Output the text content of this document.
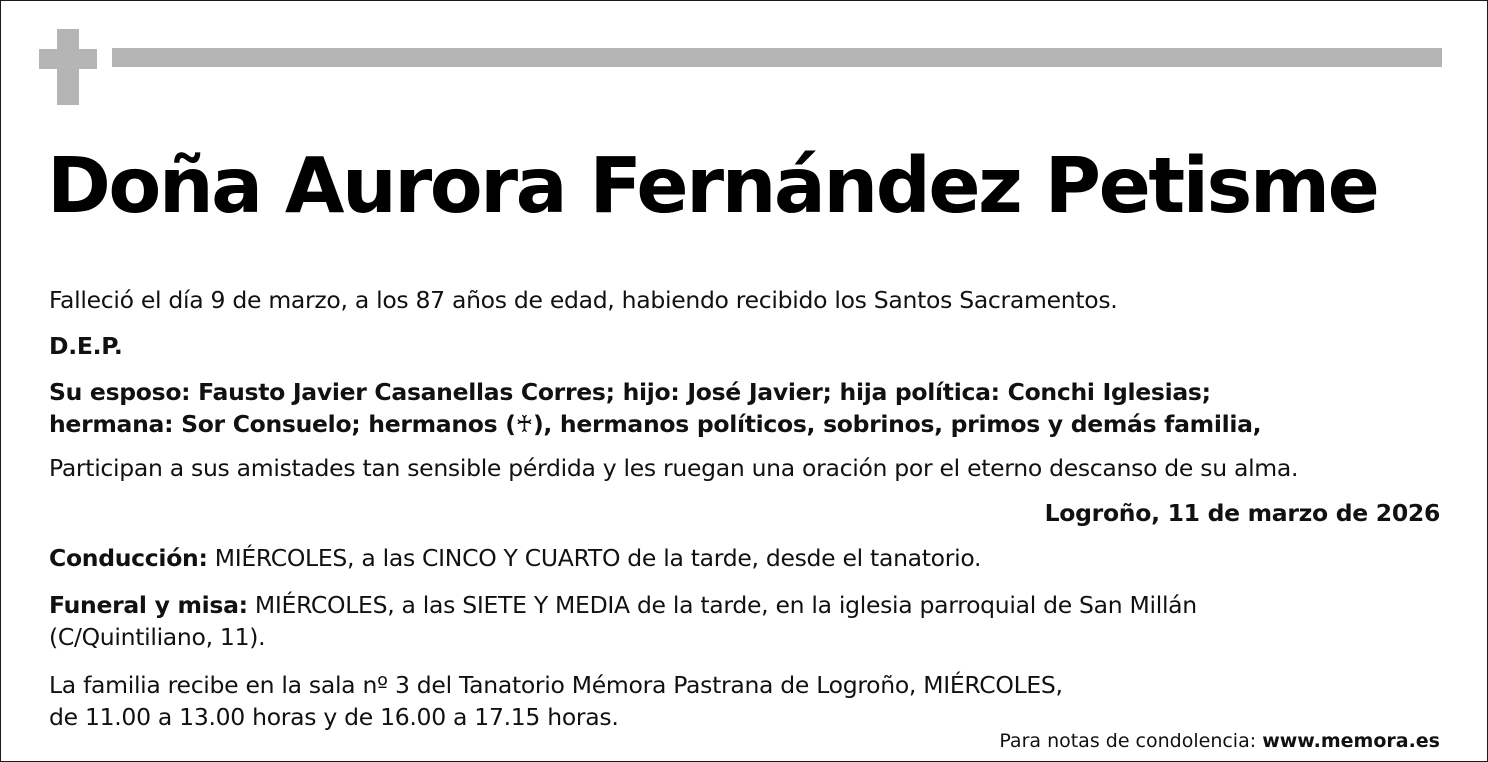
Doña Aurora Fernández Petisme

Falleció el día 9 de marzo, a los 87 años de edad, habiendo recibido los Santos Sacramentos.

D.E.P.

Su esposo: Fausto Javier Casanellas Corres; hijo: José Javier; hija política: Conchi Iglesias;

hermana: Sor Consuelo; hermanos (♰), hermanos políticos, sobrinos, primos y demás familia,

Participan a sus amistades tan sensible pérdida y les ruegan una oración por el eterno descanso de su alma.

Logroño, 11 de marzo de 2026

Conducción: MIÉRCOLES, a las CINCO Y CUARTO de la tarde, desde el tanatorio.

Funeral y misa: MIÉRCOLES, a las SIETE Y MEDIA de la tarde, en la iglesia parroquial de San Millán

(C/Quintiliano, 11).

La familia recibe en la sala nº 3 del Tanatorio Mémora Pastrana de Logroño, MIÉRCOLES,

de 11.00 a 13.00 horas y de 16.00 a 17.15 horas.

Para notas de condolencia: www.memora.es
